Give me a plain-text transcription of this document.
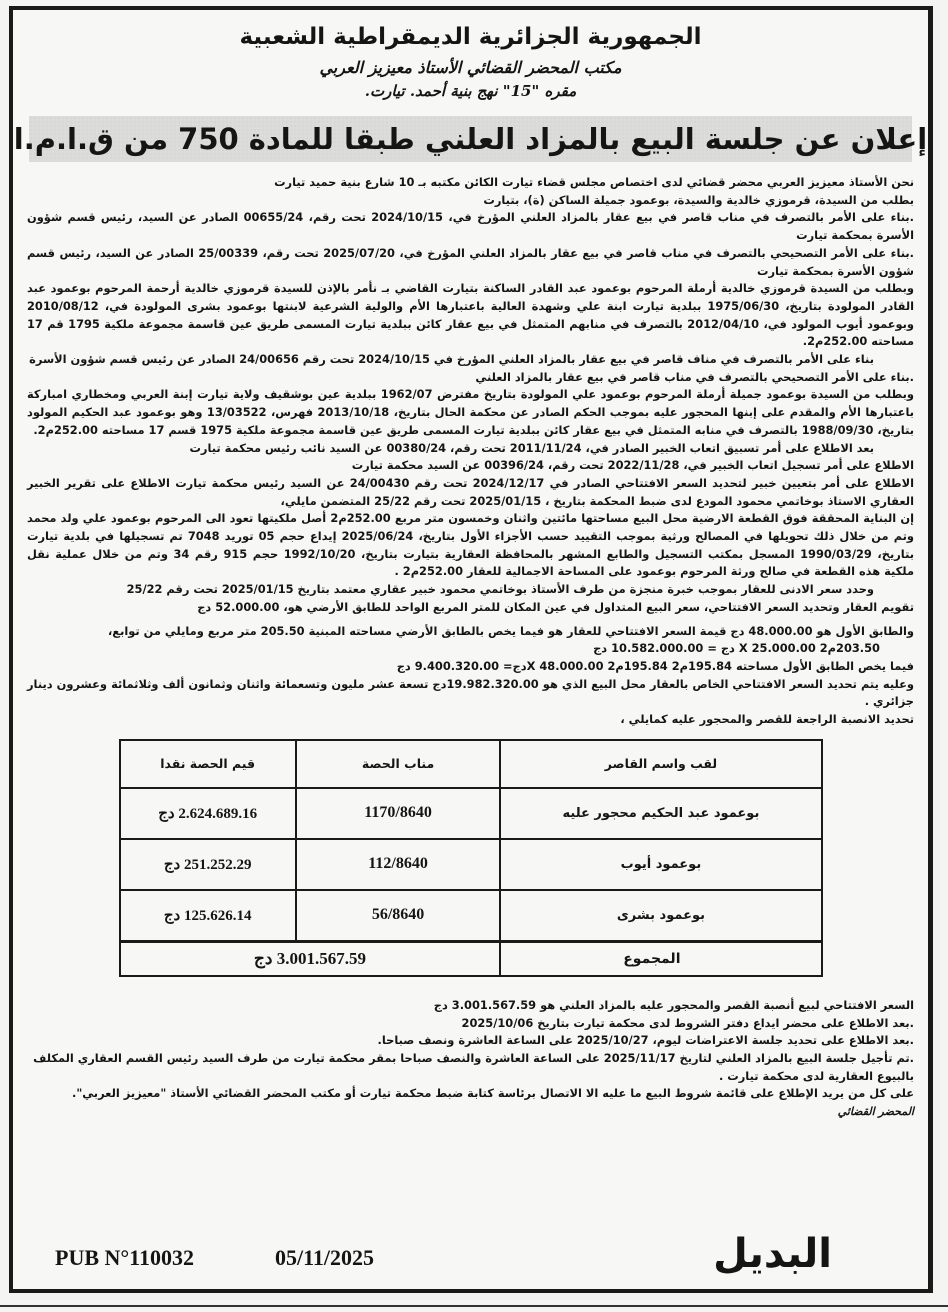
الجمهورية الجزائرية الديمقراطية الشعبية
مكتب المحضر القضائي الأستاذ معيزيز العربي
مقره "15" نهج بنية أحمد. تيارت.
إعلان عن جلسة البيع بالمزاد العلني طبقا للمادة 750 من ق.ا.م.ا

نحن الأستاذ معيزيز العربي محضر قضائي لدى اختصاص مجلس قضاء تيارت الكائن مكتبه بـ 10 شارع بنية حميد تيارت

بطلب من السيدة، قرموزي خالدية والسيدة، بوعمود جميلة الساكن (ة)، بتيارت

.بناء على الأمر بالتصرف في مناب قاصر في بيع عقار بالمزاد العلني المؤرخ في، 2024/10/15 تحت رقم، 00655/24 الصادر عن السيد، رئيس قسم شؤون الأسرة بمحكمة تيارت

.بناء على الأمر التصحيحي بالتصرف في مناب قاصر في بيع عقار بالمزاد العلني المؤرخ في، 2025/07/20 تحت رقم، 25/00339 الصادر عن السيد، رئيس قسم شؤون الأسرة بمحكمة تيارت

وبطلب من السيدة قرموزي خالدية أرملة المرحوم بوعمود عبد القادر الساكنة بتيارت القاضي بـ نأمر بالإذن للسيدة قرموزي خالدية أرحمة المرحوم بوعمود عبد القادر المولودة بتاريخ، 1975/06/30 ببلدية تيارت ابنة علي وشهدة العالية باعتبارها الأم والولية الشرعية لابنتها بوعمود بشرى المولودة في، 2010/08/12 وبوعمود أيوب المولود في، 2012/04/10 بالتصرف في منابهم المتمثل في بيع عقار كائن ببلدية تيارت المسمى طريق عين قاسمة مجموعة ملكية 1795 قم 17 مساحته 252.00م2.

بناء على الأمر بالتصرف في مناف قاصر في بيع عقار بالمزاد العلني المؤرخ في 2024/10/15 تحت رقم 24/00656 الصادر عن رئيس قسم شؤون الأسرة

.بناء على الأمر التصحيحي بالتصرف في مناب قاصر في بيع عقار بالمزاد العلني

وبطلب من السيدة بوعمود جميلة أرملة المرحوم بوعمود علي المولودة بتاريخ مفترض 1962/07 ببلدية عين بوشقيف ولاية تيارت إبنة العربي ومخطاري امباركة باعتبارها الأم والمقدم على إبنها المحجور عليه بموجب الحكم الصادر عن محكمة الحال بتاريخ، 2013/10/18 فهرس، 13/03522 وهو بوعمود عبد الحكيم المولود بتاريخ، 1988/09/30 بالتصرف في منابه المتمثل في بيع عقار كائن ببلدية تيارت المسمى طريق عين قاسمة مجموعة ملكية 1975 قسم 17 مساحته 252.00م2.

بعد الاطلاع على أمر تسبيق اتعاب الخبير الصادر في، 2011/11/24 تحت رقم، 00380/24 عن السيد نائب رئيس محكمة تيارت

الاطلاع على أمر تسجيل اتعاب الخبير في، 2022/11/28 تحت رقم، 00396/24 عن السيد محكمة تيارت

الاطلاع على أمر بتعيين خبير لتحديد السعر الافتتاحي الصادر في 2024/12/17 تحت رقم 24/00430 عن السيد رئيس محكمة تيارت الاطلاع على تقرير الخبير العقاري الاستاذ بوخاتمي محمود المودع لدى ضبط المحكمة بتاريخ ، 2025/01/15 تحت رقم 25/22 المتضمن مايلي،

إن البناية المحققة فوق القطعة الارضية محل البيع مساحتها مائتين واثنان وخمسون متر مربع 252.00م2 أصل ملكيتها تعود الى المرحوم بوعمود علي ولد محمد وتم من خلال ذلك تحويلها في المصالح ورثية بموجب التقييد حسب الأجزاء الأول بتاريخ، 2025/06/24 إيداع حجم 05 توريد 7048 تم تسجيلها في بلدية تيارت بتاريخ، 1990/03/29 المسجل بمكتب التسجيل والطابع المشهر بالمحافظة العقارية بتيارت بتاريخ، 1992/10/20 حجم 915 رقم 34 وتم من خلال عملية نقل ملكية هذه القطعة في صالح ورثة المرحوم بوعمود على المساحة الاجمالية للعقار 252.00م2 .

وحدد سعر الادنى للعقار بموجب خبرة منجزة من طرف الأستاذ بوخاتمي محمود خبير عقاري معتمد بتاريخ 2025/01/15 تحت رقم 25/22

تقويم العقار وتحديد السعر الافتتاحي، سعر البيع المتداول في عين المكان للمتر المربع الواحد للطابق الأرضي هو، 52.000.00 دج

والطابق الأول هو 48.000.00 دج قيمة السعر الافتتاحي للعقار هو فيما يخص بالطابق الأرضي مساحته المبنية 205.50 متر مربع ومايلي من توابع،

203.50م2 X 25.000.00 دج = 10.582.000.00 دج

فيما يخص الطابق الأول مساحته 195.84م2 195.84م2 X 48.000.00دج= 9.400.320.00 دج

وعليه يتم تحديد السعر الافتتاحي الخاص بالعقار محل البيع الذي هو 19.982.320.00دج تسعة عشر مليون وتسعمائة واثنان وثمانون ألف وثلاثمائة وعشرون دينار جزائري .

تحديد الانصبة الراجعة للقصر والمحجور عليه كمايلي ،

لقب واسم القاصر	مناب الحصة	قيم الحصة نقدا
بوعمود عبد الحكيم محجور عليه	1170/8640	2.624.689.16 دج
بوعمود أيوب	112/8640	251.252.29 دج
بوعمود بشرى	56/8640	125.626.14 دج
المجموع	3.001.567.59 دج	

السعر الافتتاحي لبيع أنصبة القصر والمحجور عليه بالمزاد العلني هو 3.001.567.59 دج

.بعد الاطلاع على محضر ايداع دفتر الشروط لدى محكمة تيارت بتاريخ 2025/10/06

.بعد الاطلاع على تحديد جلسة الاعتراضات ليوم، 2025/10/27 على الساعة العاشرة ونصف صباحا.

.تم تأجيل جلسة البيع بالمزاد العلني لتاريخ 2025/11/17 على الساعة العاشرة والنصف صباحا بمقر محكمة تيارت من طرف السيد رئيس القسم العقاري المكلف بالبيوع العقارية لدى محكمة تيارت .

على كل من يريد الإطلاع على قائمة شروط البيع ما عليه الا الاتصال برئاسة كتابة ضبط محكمة تيارت أو مكتب المحضر القضائي الأستاذ "معيزيز العربي".

المحضر القضائي

البديل
05/11/2025
PUB N°110032
